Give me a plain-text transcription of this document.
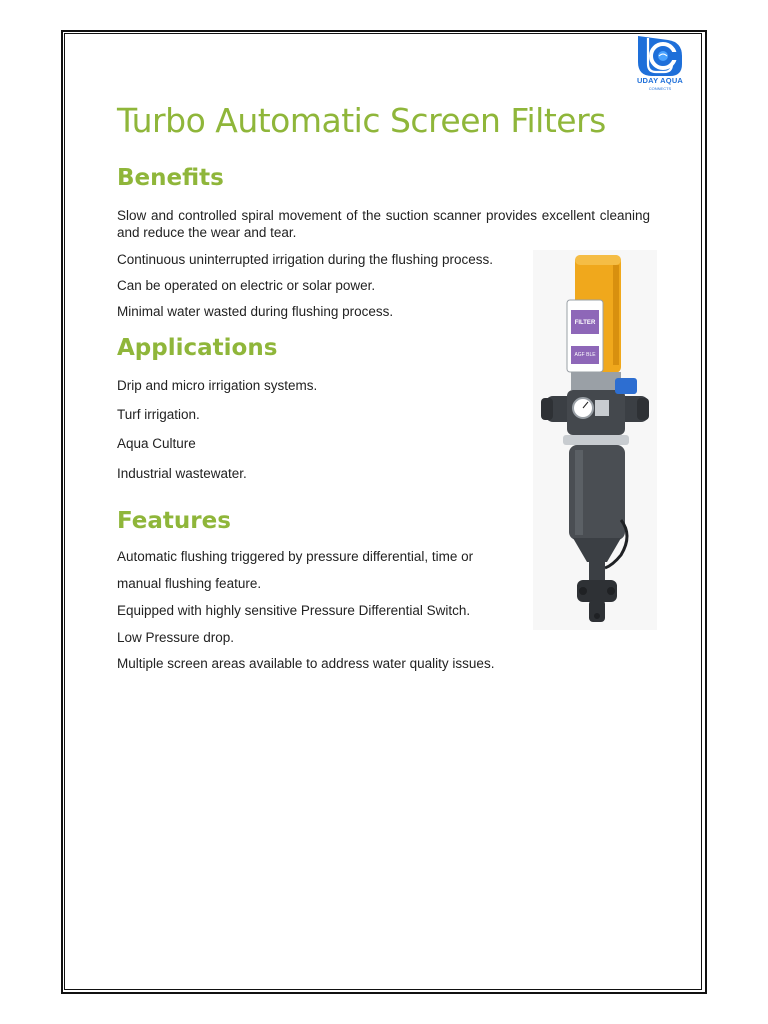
UDAY AQUA
CONNECTS
Turbo Automatic Screen Filters
Benefits

Slow and controlled spiral movement of the suction scanner provides excellent cleaning and reduce the wear and tear.

Continuous uninterrupted irrigation during the flushing process.

Can be operated on electric or solar power.

Minimal water wasted during flushing process.

Applications

Drip and micro irrigation systems.

Turf irrigation.

Aqua Culture

Industrial wastewater.

Features

Automatic flushing triggered by pressure differential, time or

manual flushing feature.

Equipped with highly sensitive Pressure Differential Switch.

Low Pressure drop.

Multiple screen areas available to address water quality issues.

FILTER
AGF BLE
